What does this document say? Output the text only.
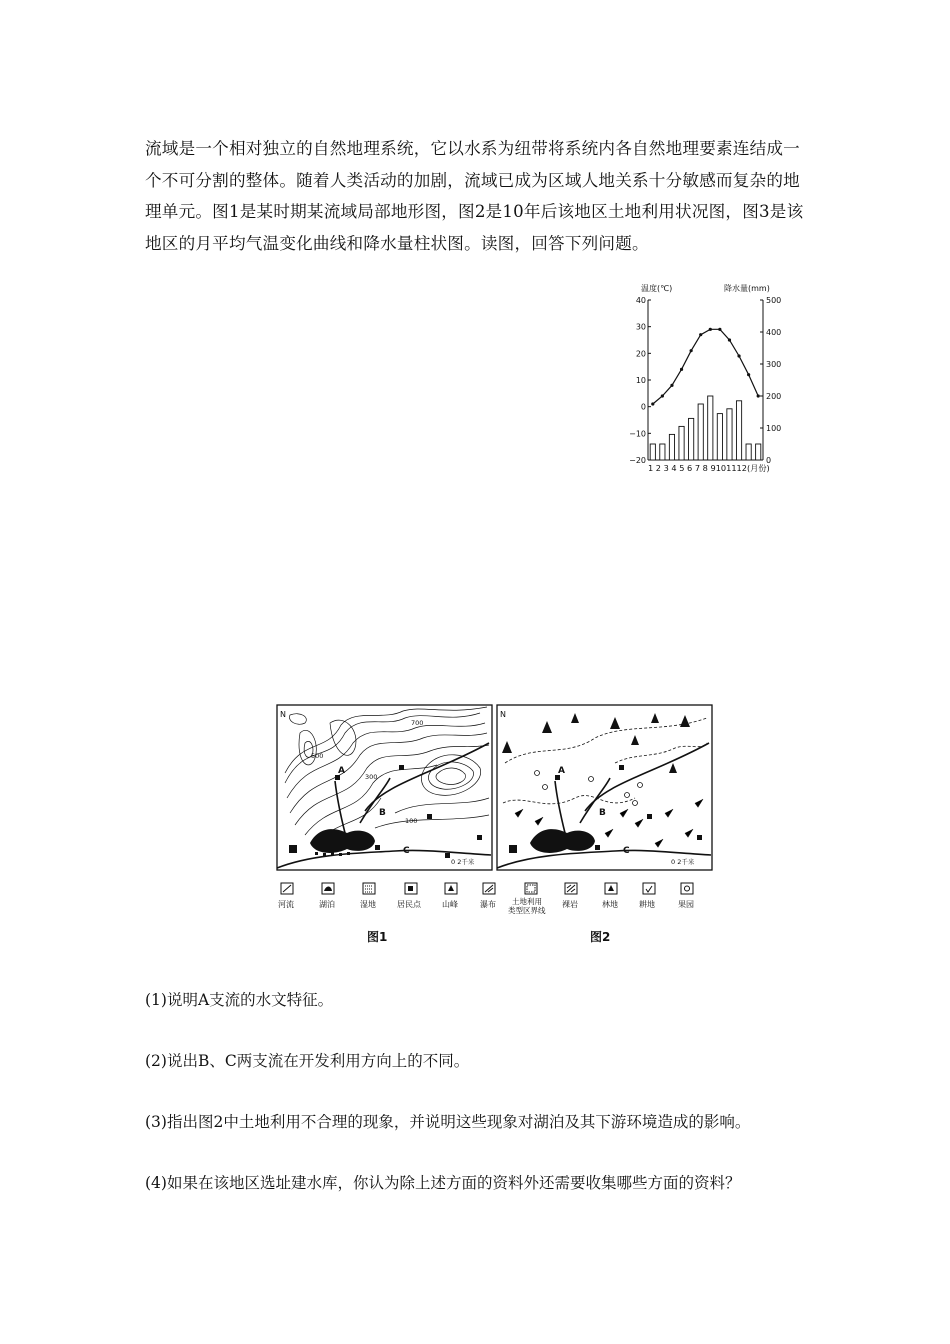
流域是一个相对独立的自然地理系统，它以水系为纽带将系统内各自然地理要素连结成一个不可分割的整体。随着人类活动的加剧，流域已成为区域人地关系十分敏感而复杂的地理单元。图1是某时期某流域局部地形图，图2是10年后该地区土地利用状况图，图3是该地区的月平均气温变化曲线和降水量柱状图。读图，回答下列问题。

温度(℃)	降水量(mm)
40
30
20
10
0
−10
−20
500
400
300
200
100
0
1 2 3 4 5 6 7 8 9101112(月份)
N
700
500
300
100
A
B
C
0 2千米
N
A
B
C
0 2千米
河流	湖泊	湿地	居民点	山峰	瀑布 土地利用
类型区界线
裸岩	林地	耕地	果园
图1	图2

(1)说明A支流的水文特征。

(2)说出B、C两支流在开发利用方向上的不同。

(3)指出图2中土地利用不合理的现象，并说明这些现象对湖泊及其下游环境造成的影响。

(4)如果在该地区选址建水库，你认为除上述方面的资料外还需要收集哪些方面的资料？
